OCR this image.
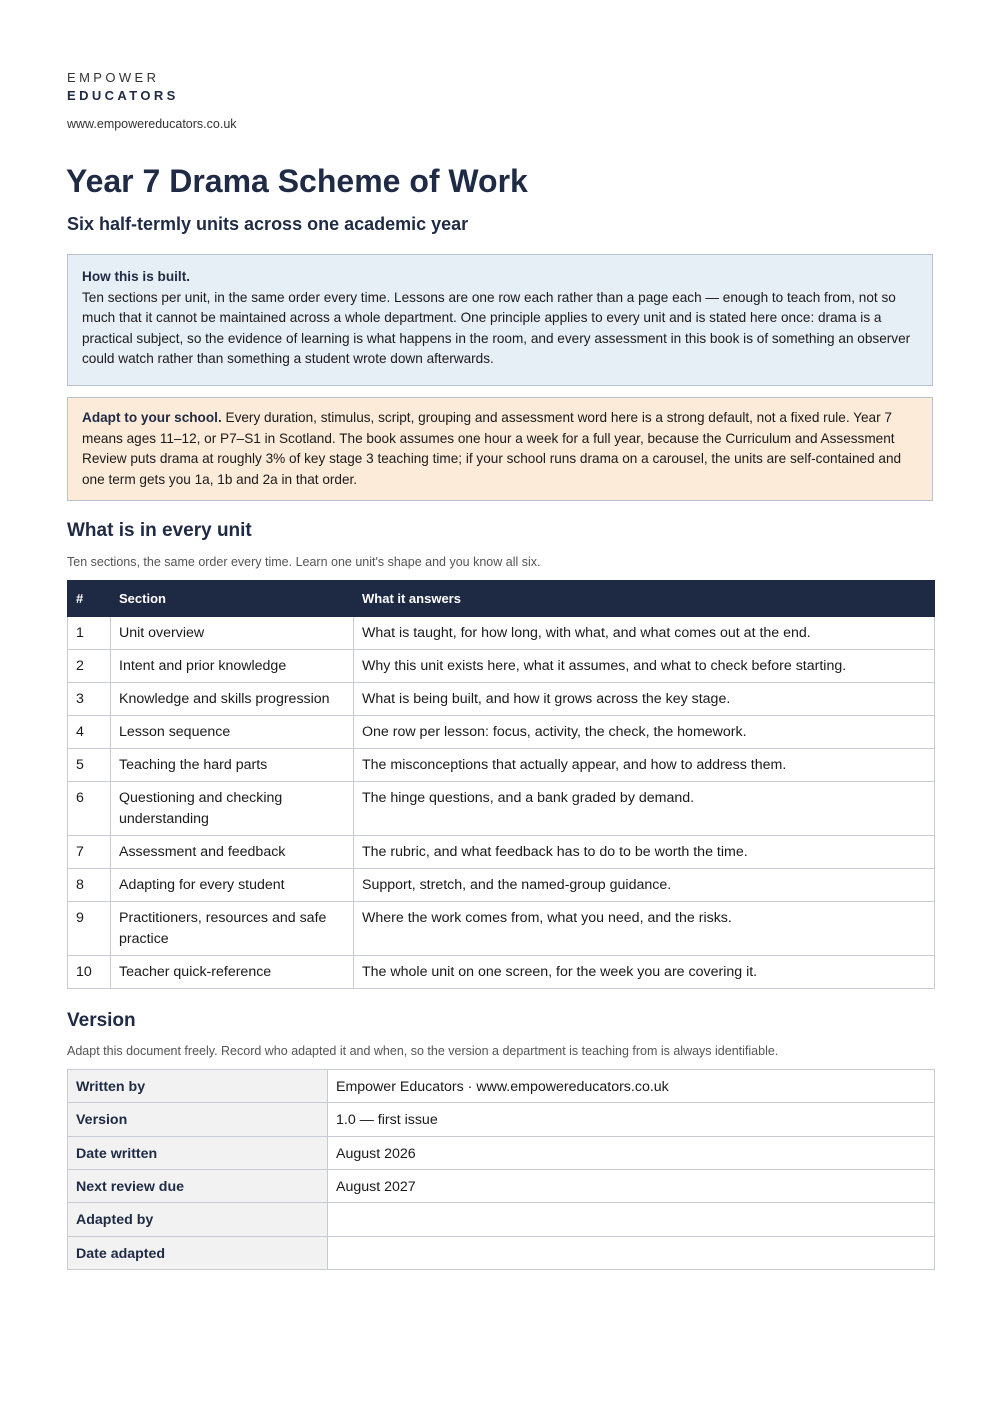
EMPOWER
EDUCATORS
www.empowereducators.co.uk
Year 7 Drama Scheme of Work
Six half-termly units across one academic year
How this is built.
Ten sections per unit, in the same order every time. Lessons are one row each rather than a page each — enough to teach from, not so much that it cannot be maintained across a whole department. One principle applies to every unit and is stated here once: drama is a practical subject, so the evidence of learning is what happens in the room, and every assessment in this book is of something an observer could watch rather than something a student wrote down afterwards.
Adapt to your school. Every duration, stimulus, script, grouping and assessment word here is a strong default, not a fixed rule. Year 7 means ages 11–12, or P7–S1 in Scotland. The book assumes one hour a week for a full year, because the Curriculum and Assessment Review puts drama at roughly 3% of key stage 3 teaching time; if your school runs drama on a carousel, the units are self-contained and one term gets you 1a, 1b and 2a in that order.
What is in every unit
Ten sections, the same order every time. Learn one unit's shape and you know all six.
#	Section	What it answers
1	Unit overview	What is taught, for how long, with what, and what comes out at the end.
2	Intent and prior knowledge	Why this unit exists here, what it assumes, and what to check before starting.
3	Knowledge and skills progression	What is being built, and how it grows across the key stage.
4	Lesson sequence	One row per lesson: focus, activity, the check, the homework.
5	Teaching the hard parts	The misconceptions that actually appear, and how to address them.
6	Questioning and checking understanding	The hinge questions, and a bank graded by demand.
7	Assessment and feedback	The rubric, and what feedback has to do to be worth the time.
8	Adapting for every student	Support, stretch, and the named-group guidance.
9	Practitioners, resources and safe practice	Where the work comes from, what you need, and the risks.
10	Teacher quick-reference	The whole unit on one screen, for the week you are covering it.
Version
Adapt this document freely. Record who adapted it and when, so the version a department is teaching from is always identifiable.
Written by	Empower Educators · www.empowereducators.co.uk
Version	1.0 — first issue
Date written	August 2026
Next review due	August 2027
Adapted by	
Date adapted	
